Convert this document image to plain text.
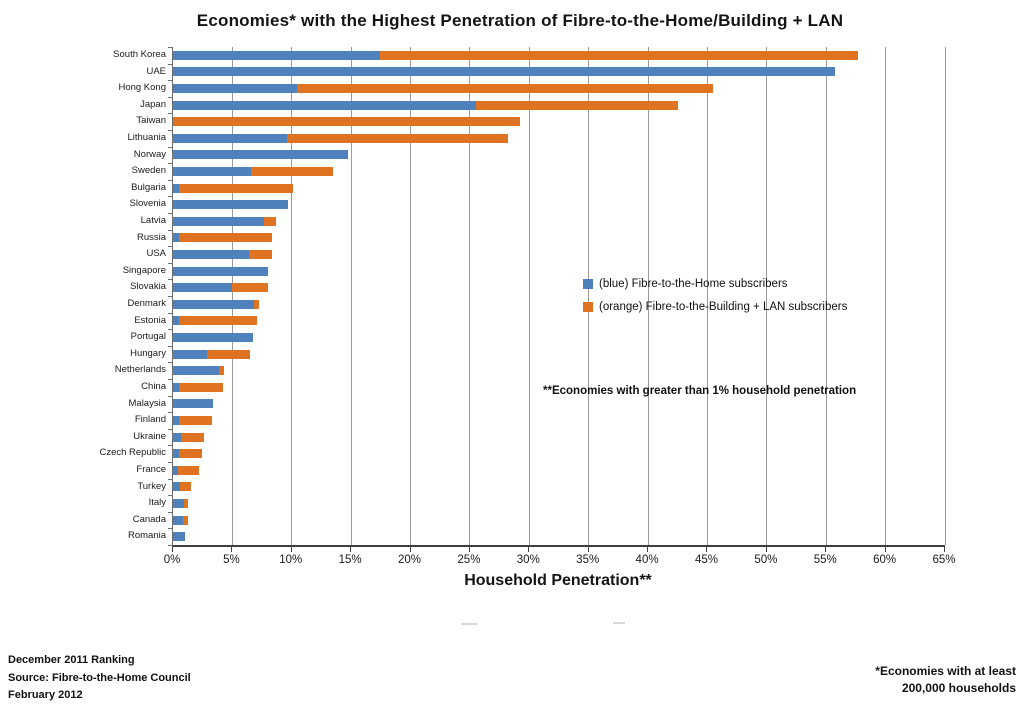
Economies* with the Highest Penetration of Fibre-to-the-Home/Building + LAN
South Korea
UAE
Hong Kong
Japan
Taiwan
Lithuania
Norway
Sweden
Bulgaria
Slovenia
Latvia
Russia
USA
Singapore
Slovakia
Denmark
Estonia
Portugal
Hungary
Netherlands
China
Malaysia
Finland
Ukraine
Czech Republic
France
Turkey
Italy
Canada
Romania
0%	5%	10%	15%	20%	25%	30%	35%	40%	45%	50%	55%	60%	65%
Household Penetration**
(blue) Fibre-to-the-Home subscribers
(orange) Fibre-to-the-Building + LAN subscribers
**Economies with greater than 1% household penetration
December 2011 Ranking
Source: Fibre-to-the-Home Council
February 2012
*Economies with at least
200,000 households
